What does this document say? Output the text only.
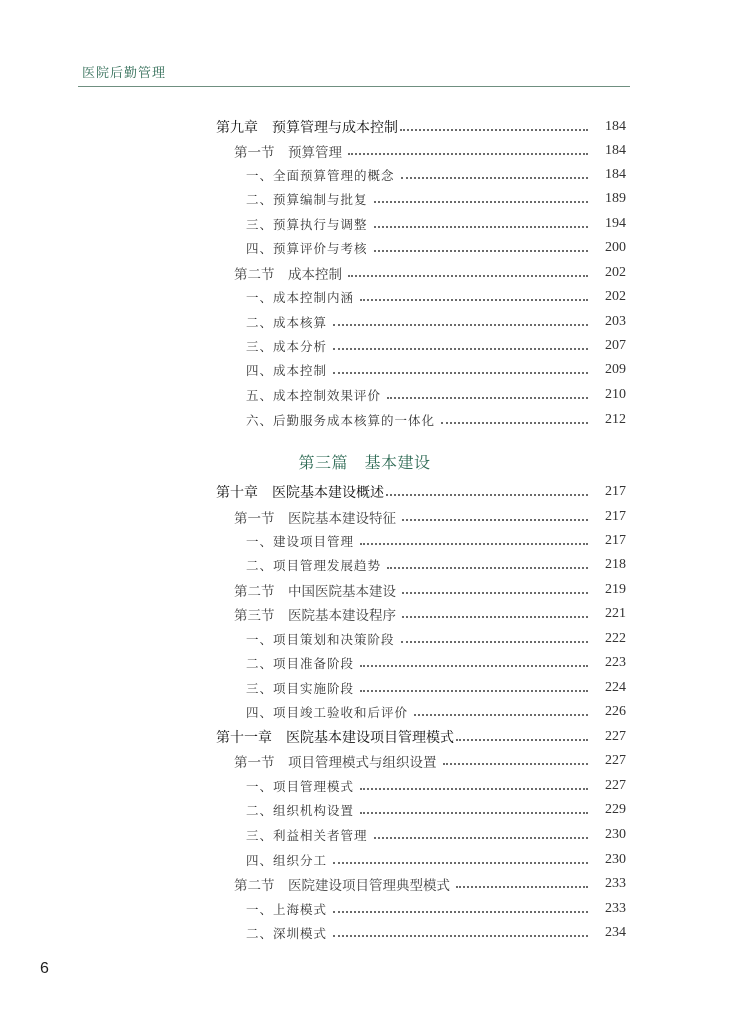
医院后勤管理
第九章　预算管理与成本控制	184
第一节　预算管理	184
一、全面预算管理的概念	184
二、预算编制与批复	189
三、预算执行与调整	194
四、预算评价与考核	200
第二节　成本控制	202
一、成本控制内涵	202
二、成本核算	203
三、成本分析	207
四、成本控制	209
五、成本控制效果评价	210
六、后勤服务成本核算的一体化	212
第三篇　基本建设
第十章　医院基本建设概述	217
第一节　医院基本建设特征	217
一、建设项目管理	217
二、项目管理发展趋势	218
第二节　中国医院基本建设	219
第三节　医院基本建设程序	221
一、项目策划和决策阶段	222
二、项目准备阶段	223
三、项目实施阶段	224
四、项目竣工验收和后评价	226
第十一章　医院基本建设项目管理模式	227
第一节　项目管理模式与组织设置	227
一、项目管理模式	227
二、组织机构设置	229
三、利益相关者管理	230
四、组织分工	230
第二节　医院建设项目管理典型模式	233
一、上海模式	233
二、深圳模式	234
6
